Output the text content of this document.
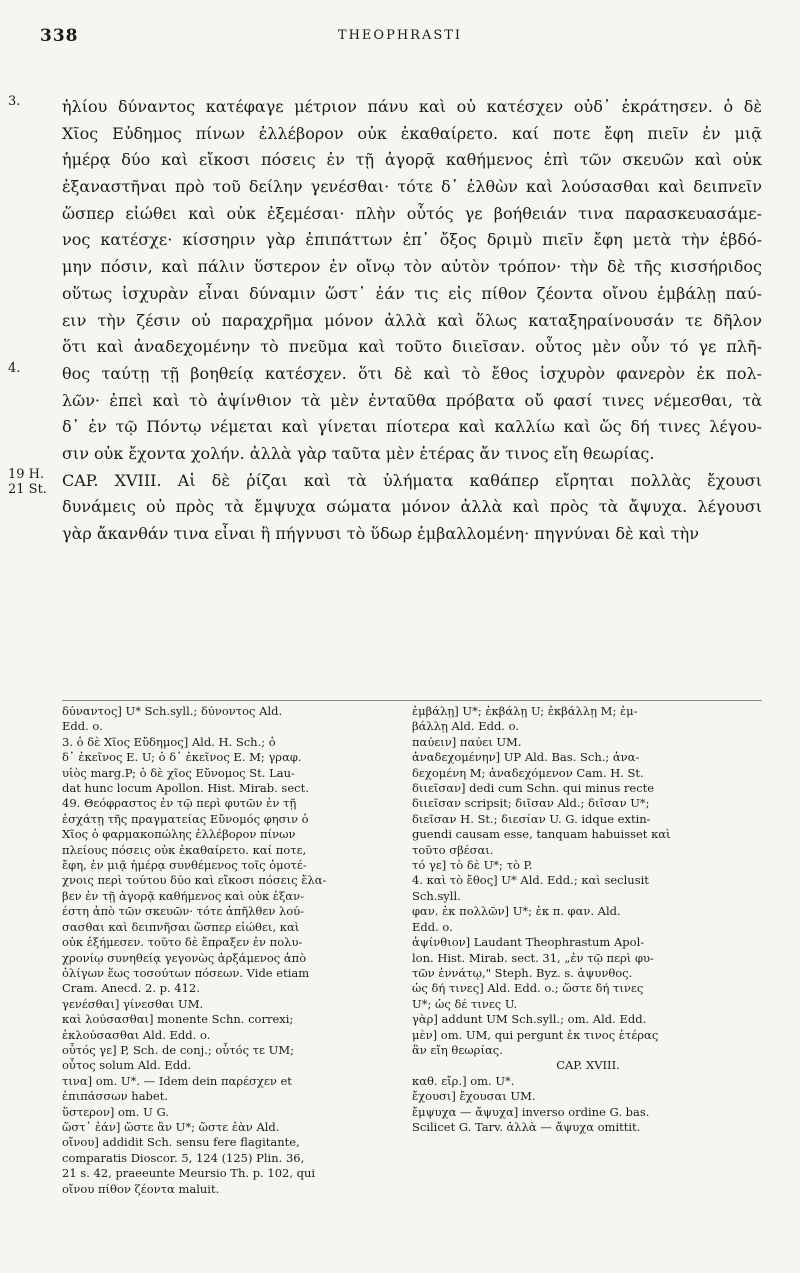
338	THEOPHRASTI
3.
4.
19 H.
21 St.
ἡλίου δύναντος κατέφαγε μέτριον πάνυ καὶ οὐ κατέσχεν οὐδ᾽ ἐκράτησεν. ὁ δὲ
Χῖος Εὐδημος πίνων ἐλλέβορον οὐκ ἐκαθαίρετο. καί ποτε ἔφη πιεῖν ἐν μιᾷ
ἡμέρᾳ δύο καὶ εἴκοσι πόσεις ἐν τῇ ἀγορᾷ καθήμενος ἐπὶ τῶν σκευῶν καὶ οὐκ
ἐξαναστῆναι πρὸ τοῦ δείλην γενέσθαι· τότε δ᾽ ἐλθὼν καὶ λούσασθαι καὶ δειπνεῖν
ὥσπερ εἰώθει καὶ οὐκ ἐξεμέσαι· πλὴν οὗτός γε βοήθειάν τινα παρασκευασάμε-
νος κατέσχε· κίσσηριν γὰρ ἐπιπάττων ἐπ᾽ ὄξος δριμὺ πιεῖν ἔφη μετὰ τὴν ἑβδό-
μην πόσιν, καὶ πάλιν ὕστερον ἐν οἴνῳ τὸν αὐτὸν τρόπον· τὴν δὲ τῆς κισσήριδος
οὕτως ἰσχυρὰν εἶναι δύναμιν ὥστ᾽ ἐάν τις εἰς πίθον ζέοντα οἴνου ἐμβάλῃ παύ-
ειν τὴν ζέσιν οὐ παραχρῆμα μόνον ἀλλὰ καὶ ὅλως καταξηραίνουσάν τε δῆλον
ὅτι καὶ ἀναδεχομένην τὸ πνεῦμα καὶ τοῦτο διιεῖσαν. οὗτος μὲν οὖν τό γε πλῆ-
θος ταύτῃ τῇ βοηθείᾳ κατέσχεν. ὅτι δὲ καὶ τὸ ἔθος ἰσχυρὸν φανερὸν ἐκ πολ-
λῶν· ἐπεὶ καὶ τὸ ἀψίνθιον τὰ μὲν ἐνταῦθα πρόβατα οὔ φασί τινες νέμεσθαι, τὰ
δ᾽ ἐν τῷ Πόντῳ νέμεται καὶ γίνεται πίοτερα καὶ καλλίω καὶ ὥς δή τινες λέγου-
σιν οὐκ ἔχοντα χολήν. ἀλλὰ γὰρ ταῦτα μὲν ἑτέρας ἄν τινος εἴη θεωρίας.
CAP. XVIII. Αἱ δὲ ῥίζαι καὶ τὰ ὑλήματα καθάπερ εἴρηται πολλὰς ἔχουσι
δυνάμεις οὐ πρὸς τὰ ἔμψυχα σώματα μόνον ἀλλὰ καὶ πρὸς τὰ ἄψυχα. λέγουσι
γὰρ ἄκανθάν τινα εἶναι ἣ πήγνυσι τὸ ὕδωρ ἐμβαλλομένη· πηγνύναι δὲ καὶ τὴν
δύναντος] U* Sch.syll.; δύνοντος Ald.
Edd. o.
3. ὁ δὲ Χῖος Εὔδημος] Ald. H. Sch.; ὁ
δ᾽ ἐκεῖνος E. U; ὁ δ᾽ ἐκεῖνος E. M; γραφ.
υἱὸς marg.P; ὁ δὲ χῖος Εὔνομος St. Lau-
dat hunc locum Apollon. Hist. Mirab. sect.
49. Θεόφραστος ἐν τῷ περὶ φυτῶν ἐν τῇ
ἐσχάτῃ τῆς πραγματείας Εὔνομός φησιν ὁ
Χῖος ὁ φαρμακοπώλης ἐλλέβορον πίνων
πλείους πόσεις οὐκ ἐκαθαίρετο. καί ποτε,
ἔφη, ἐν μιᾷ ἡμέρᾳ συνθέμενος τοῖς ὁμοτέ-
χνοις περὶ τούτου δύο καὶ εἴκοσι πόσεις ἔλα-
βεν ἐν τῇ ἀγορᾷ καθήμενος καὶ οὐκ ἐξαν-
έστη ἀπὸ τῶν σκευῶν· τότε ἀπῆλθεν λού-
σασθαι καὶ δειπνῆσαι ὥσπερ εἰώθει, καὶ
οὐκ ἐξήμεσεν. τοῦτο δὲ ἔπραξεν ἐν πολυ-
χρονίῳ συνηθείᾳ γεγονὼς ἀρξάμενος ἀπὸ
ὀλίγων ἕως τοσούτων πόσεων. Vide etiam
Cram. Anecd. 2. p. 412.
γενέσθαι] γίνεσθαι UM.
καὶ λούσασθαι] monente Schn. correxi;
ἐκλούσασθαι Ald. Edd. o.
οὗτός γε] P, Sch. de conj.; οὗτός τε UM;
οὗτος solum Ald. Edd.
τινα] om. U*. — Idem dein παρέσχεν et
ἐπιπάσσων habet.
ὕστερον] om. U G.
ὥστ᾽ ἐάν] ὥστε ἂν U*; ὥστε ἐὰν Ald.
οἴνου] addidit Sch. sensu fere flagitante,
comparatis Dioscor. 5, 124 (125) Plin. 36,
21 s. 42, praeeunte Meursio Th. p. 102, qui
οἴνου πίθον ζέοντα maluit.
ἐμβάλῃ] U*; ἐκβάλῃ U; ἐκβάλλῃ M; ἐμ-
βάλλῃ Ald. Edd. o.
παύειν] παύει UM.
ἀναδεχομένην] UP Ald. Bas. Sch.; ἀνα-
δεχομένη M; ἀναδεχόμενον Cam. H. St.
διιεῖσαν] dedi cum Schn. qui minus recte
διιεῖσαν scripsit; διῖσαν Ald.; διῖσαν U*;
διεῖσαν H. St.; διεσίαν U. G. idque extin-
guendi causam esse, tanquam habuisset καὶ
τοῦτο σβέσαι.
τό γε] τὸ δὲ U*; τὸ P.
4. καὶ τὸ ἔθος] U* Ald. Edd.; καὶ seclusit
Sch.syll.
φαν. ἐκ πολλῶν] U*; ἐκ π. φαν. Ald.
Edd. o.
ἀψίνθιον] Laudant Theophrastum Apol-
lon. Hist. Mirab. sect. 31, „ἐν τῷ περὶ φυ-
τῶν ἐννάτῳ," Steph. Byz. s. ἀψυνθος.
ὡς δή τινες] Ald. Edd. o.; ὥστε δή τινες
U*; ὡς δέ τινες U.
γὰρ] addunt UM Sch.syll.; om. Ald. Edd.
μὲν] om. UM, qui pergunt ἐκ τινος ἑτέρας
ἂν εἴη θεωρίας.
CAP. XVIII.
καθ. εἴρ.] om. U*.
ἔχουσι] ἔχουσαι UM.
ἔμψυχα — ἄψυχα] inverso ordine G. bas.
Scilicet G. Tarv. ἀλλὰ — ἄψυχα omittit.
